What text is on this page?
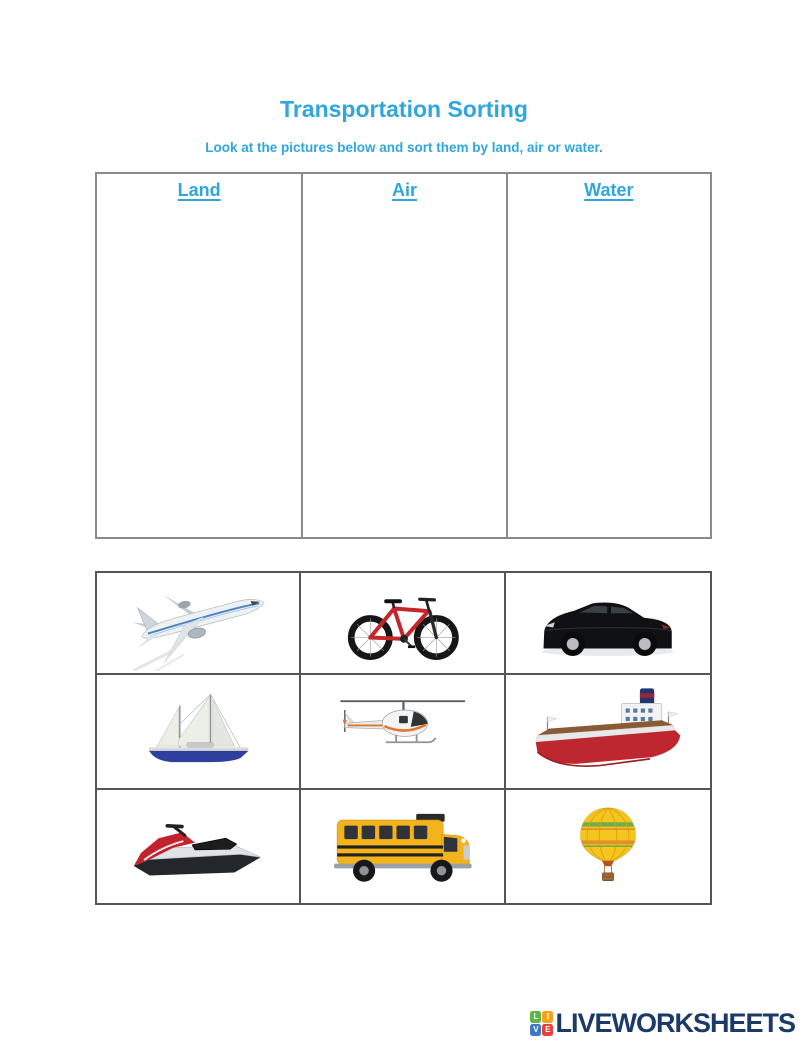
Transportation Sorting

Look at the pictures below and sort them by land, air or water.

Land	Air	Water
L	I
V E LIVEWORKSHEETS
